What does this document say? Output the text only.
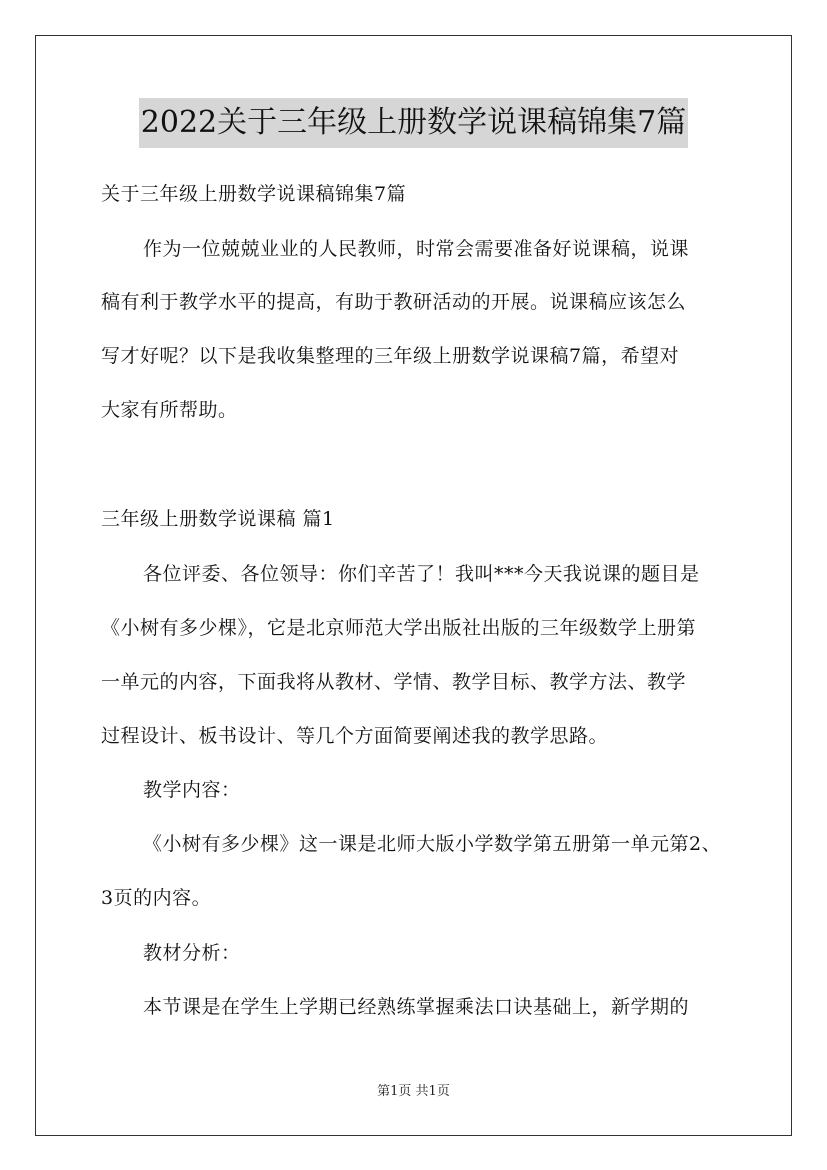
2022关于三年级上册数学说课稿锦集7篇
关于三年级上册数学说课稿锦集7篇
作为一位兢兢业业的人民教师，时常会需要准备好说课稿，说课
稿有利于教学水平的提高，有助于教研活动的开展。说课稿应该怎么
写才好呢？以下是我收集整理的三年级上册数学说课稿7篇，希望对
大家有所帮助。
三年级上册数学说课稿 篇1
各位评委、各位领导：你们辛苦了！我叫***今天我说课的题目是
《小树有多少棵》，它是北京师范大学出版社出版的三年级数学上册第
一单元的内容，下面我将从教材、学情、教学目标、教学方法、教学
过程设计、板书设计、等几个方面简要阐述我的教学思路。
教学内容：
《小树有多少棵》这一课是北师大版小学数学第五册第一单元第2、
3页的内容。
教材分析：
本节课是在学生上学期已经熟练掌握乘法口诀基础上，新学期的
第1页 共1页
